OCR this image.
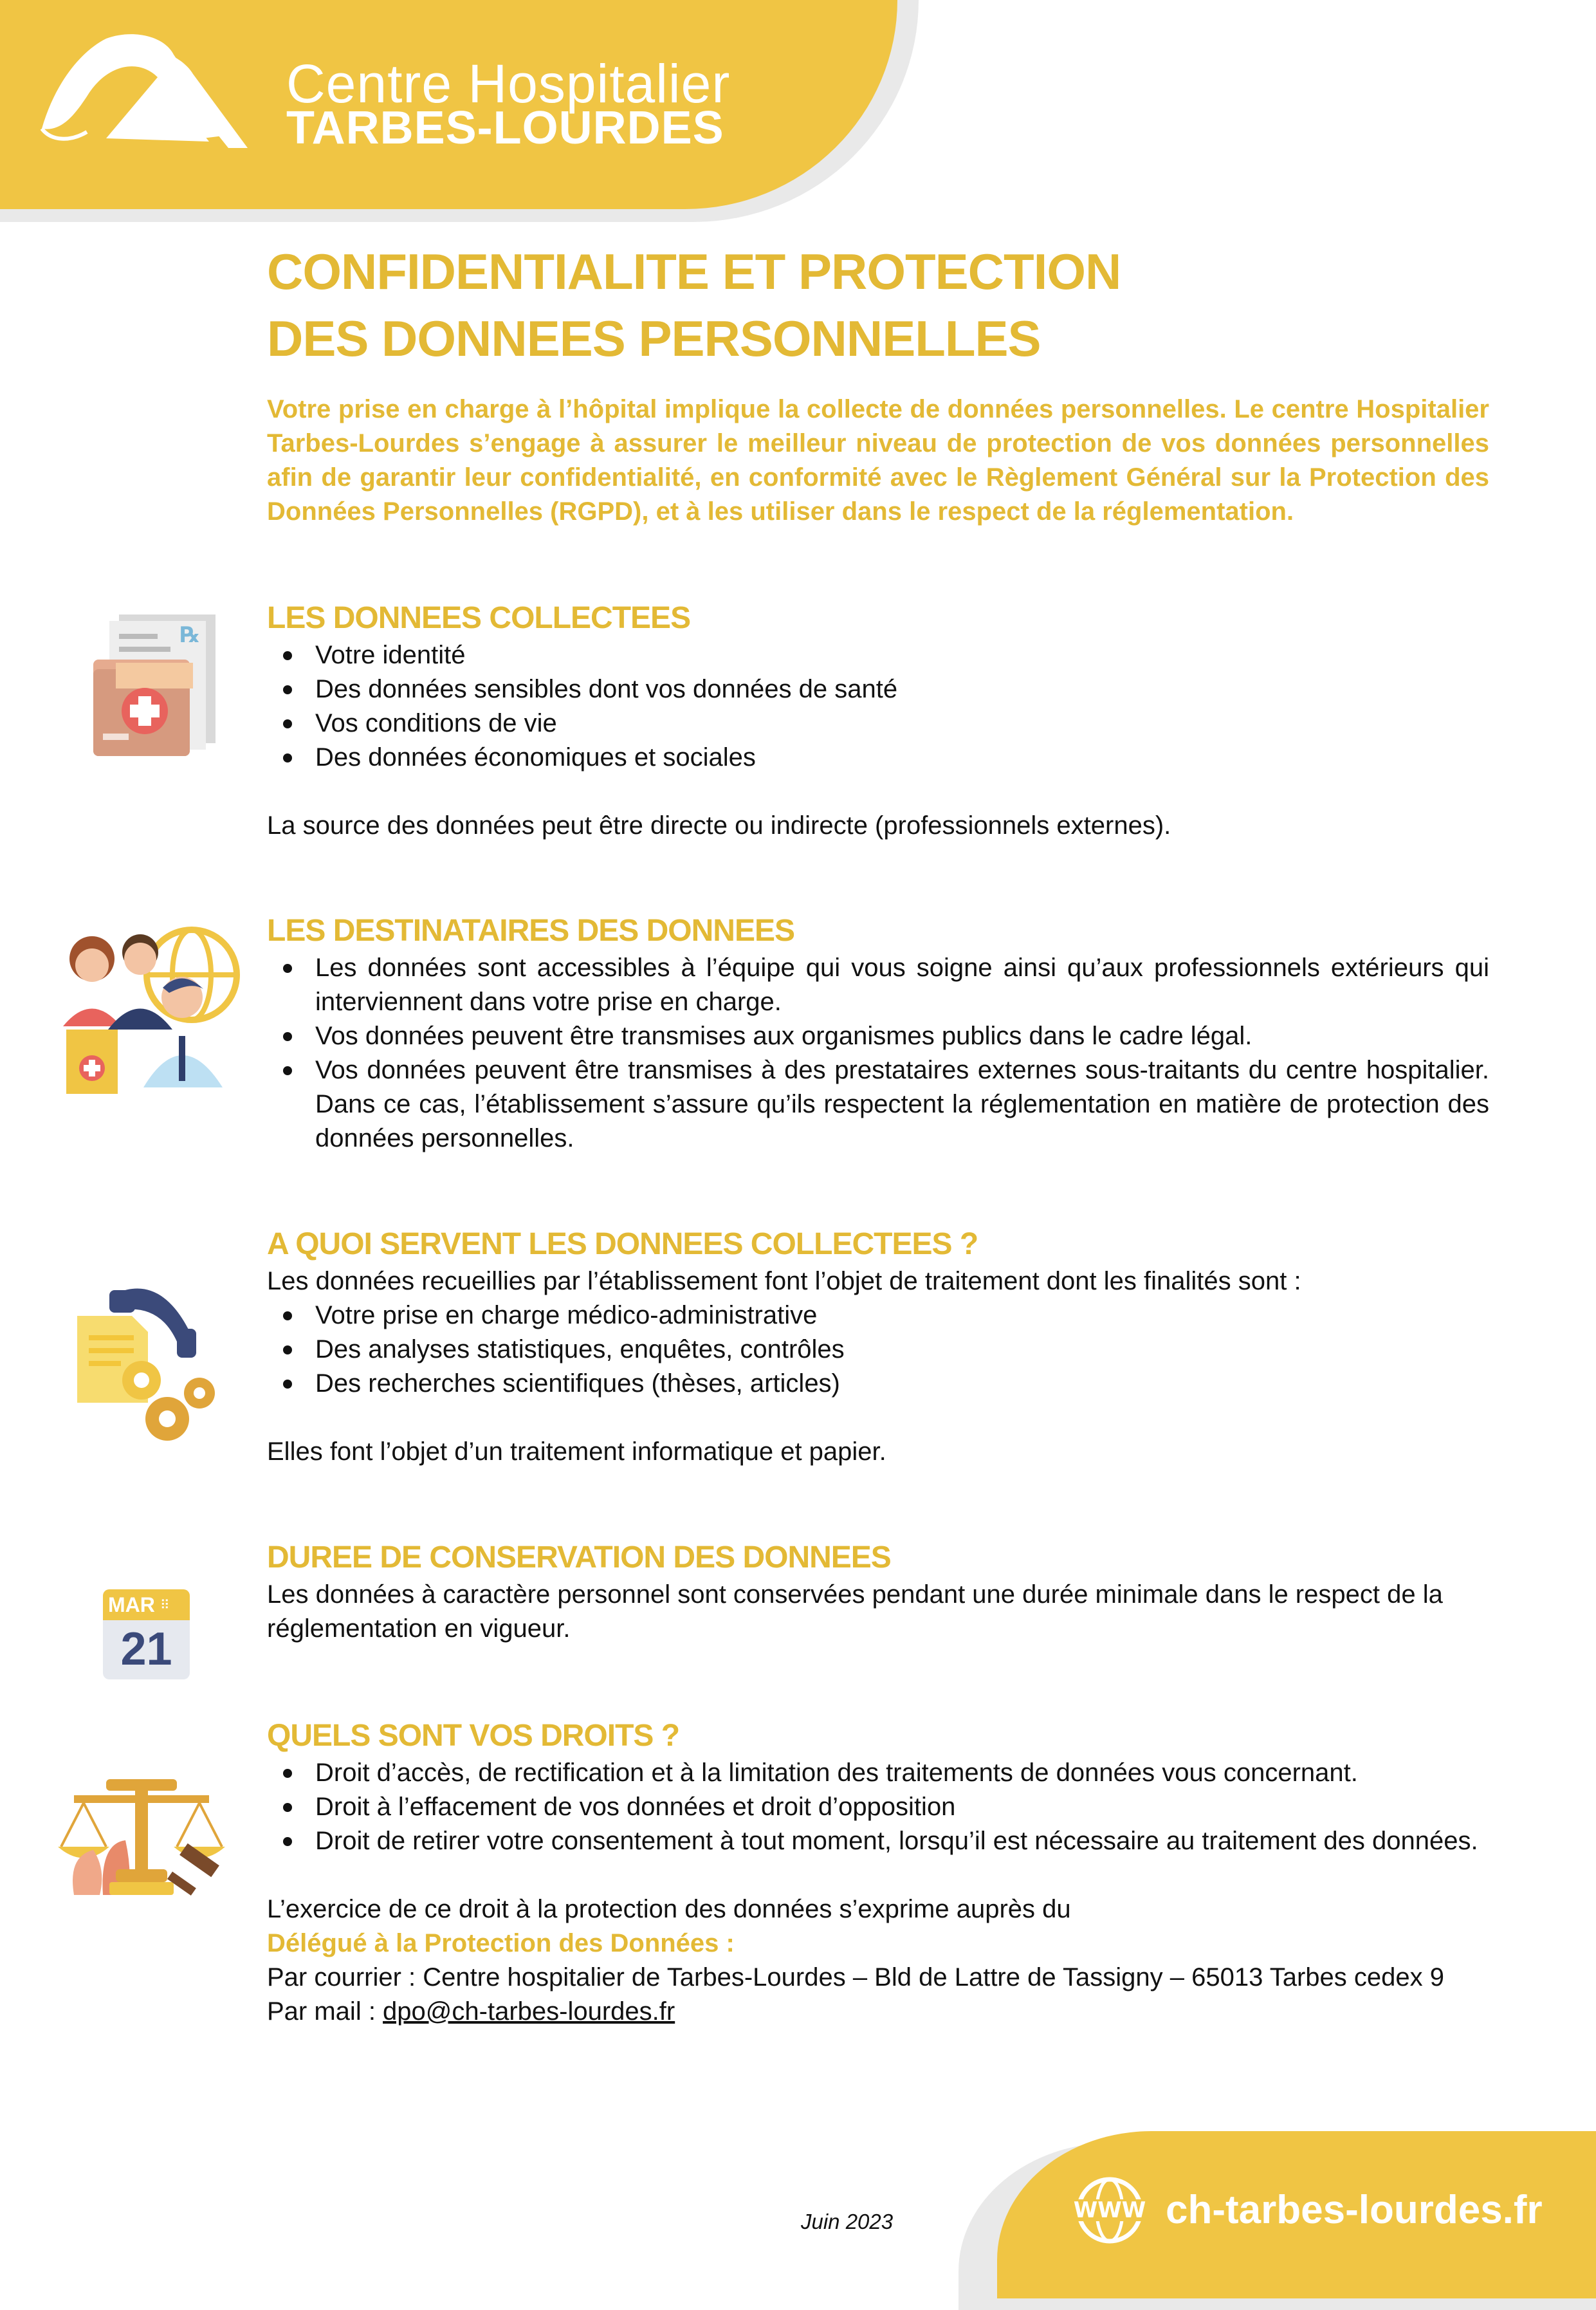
Centre Hospitalier
TARBES-LOURDES
CONFIDENTIALITE ET PROTECTION
DES DONNEES PERSONNELLES

Votre prise en charge à l’hôpital implique la collecte de données personnelles. Le centre Hospitalier Tarbes-Lourdes s’engage à assurer le meilleur niveau de protection de vos données personnelles afin de garantir leur confidentialité, en conformité avec le Règlement Général sur la Protection des Données Personnelles (RGPD), et à les utiliser dans le respect de la réglementation.

℞ LES DONNEES COLLECTEES
Votre identité
Des données sensibles dont vos données de santé
Vos conditions de vie
Des données économiques et sociales

La source des données peut être directe ou indirecte (professionnels externes).

LES DESTINATAIRES DES DONNEES
Les données sont accessibles à l’équipe qui vous soigne ainsi qu’aux professionnels extérieurs qui interviennent dans votre prise en charge.
Vos données peuvent être transmises aux organismes publics dans le cadre légal.
Vos données peuvent être transmises à des prestataires externes sous-traitants du centre hospitalier. Dans ce cas, l’établissement s’assure qu’ils respectent la réglementation en matière de protection des données personnelles.
A QUOI SERVENT LES DONNEES COLLECTEES ?

Les données recueillies par l’établissement font l’objet de traitement dont les finalités sont :

Votre prise en charge médico-administrative
Des analyses statistiques, enquêtes, contrôles
Des recherches scientifiques (thèses, articles)

Elles font l’objet d’un traitement informatique et papier.

MAR ⠿
21
DUREE DE CONSERVATION DES DONNEES

Les données à caractère personnel sont conservées pendant une durée minimale dans le respect de la réglementation en vigueur.

QUELS SONT VOS DROITS ?
Droit d’accès, de rectification et à la limitation des traitements de données vous concernant.
Droit à l’effacement de vos données et droit d’opposition
Droit de retirer votre consentement à tout moment, lorsqu’il est nécessaire au traitement des données.

L’exercice de ce droit à la protection des données s’exprime auprès du

Délégué à la Protection des Données :

Par courrier : Centre hospitalier de Tarbes-Lourdes – Bld de Lattre de Tassigny – 65013 Tarbes cedex 9

Par mail : dpo@ch-tarbes-lourdes.fr

WWW ch-tarbes-lourdes.fr
Juin 2023
